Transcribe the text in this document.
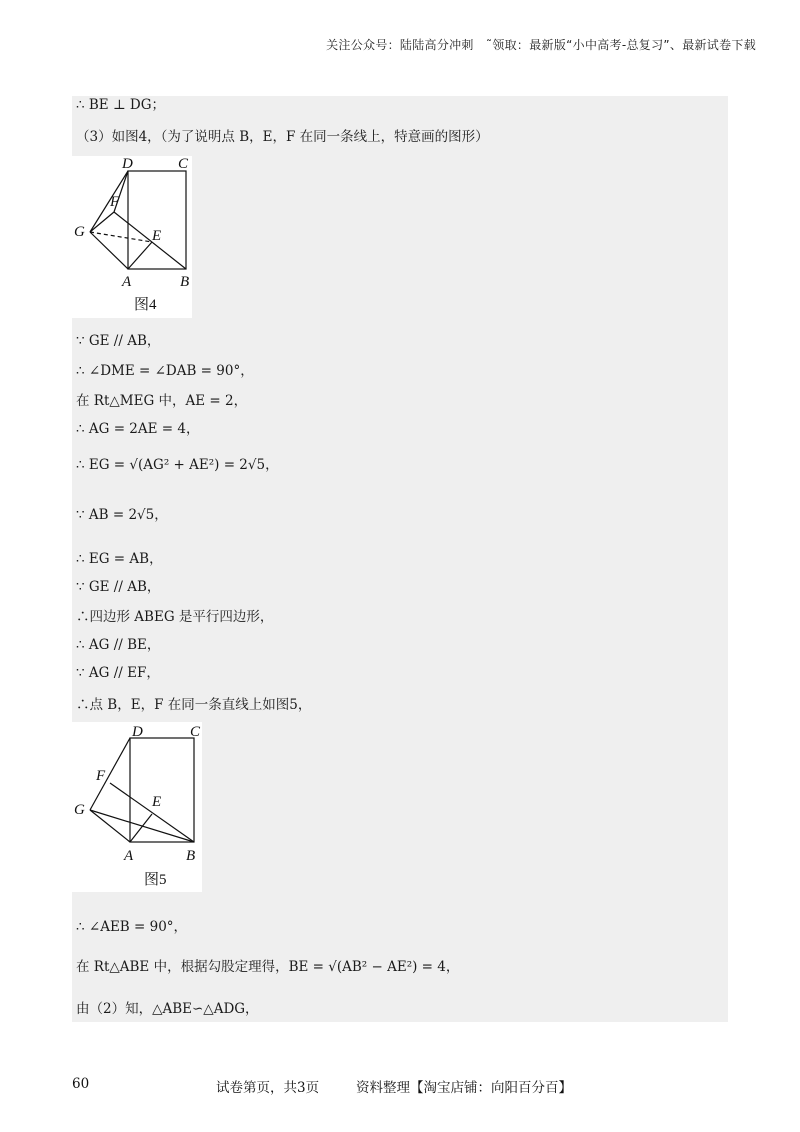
关注公众号：陆陆高分冲刺　˜领取：最新版“小中高考-总复习”、最新试卷下载
∴ BE ⊥ DG；
（3）如图4，（为了说明点 B，E，F 在同一条线上，特意画的图形）
D	C
F
G	E
A	B
图4
∵ GE // AB，
∴ ∠DME = ∠DAB = 90°，
在 Rt△MEG 中，AE = 2，
∴ AG = 2AE = 4，
∴ EG = √(AG² + AE²) = 2√5，
∵ AB = 2√5，
∴ EG = AB，
∵ GE // AB，
∴四边形 ABEG 是平行四边形，
∴ AG // BE，
∵ AG // EF，
∴点 B，E，F 在同一条直线上如图5，
D	C
F
G	E
A	B
图5
∴ ∠AEB = 90°，
在 Rt△ABE 中，根据勾股定理得，BE = √(AB² − AE²) = 4，
由（2）知，△ABE∽△ADG，
60	试卷第页，共3页	资料整理【淘宝店铺：向阳百分百】
